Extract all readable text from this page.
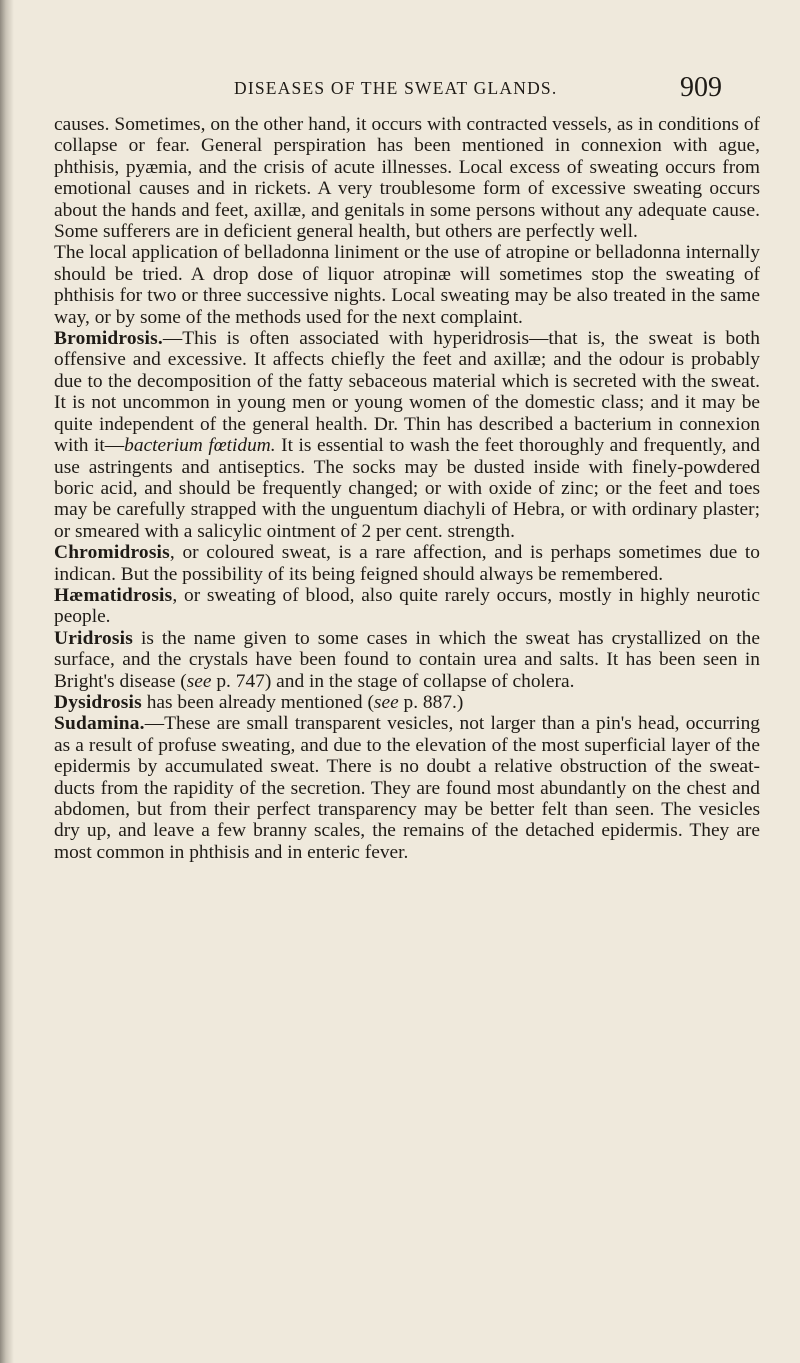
DISEASES OF THE SWEAT GLANDS.	909

causes. Sometimes, on the other hand, it occurs with contracted vessels, as in conditions of collapse or fear. General perspiration has been mentioned in connexion with ague, phthisis, pyæmia, and the crisis of acute illnesses. Local excess of sweating occurs from emotional causes and in rickets. A very troublesome form of excessive sweating occurs about the hands and feet, axillæ, and genitals in some persons without any adequate cause. Some sufferers are in deficient general health, but others are perfectly well.

The local application of belladonna liniment or the use of atropine or belladonna internally should be tried. A drop dose of liquor atropinæ will sometimes stop the sweating of phthisis for two or three successive nights. Local sweating may be also treated in the same way, or by some of the methods used for the next complaint.

Bromidrosis.—This is often associated with hyperidrosis—that is, the sweat is both offensive and excessive. It affects chiefly the feet and axillæ; and the odour is probably due to the decomposition of the fatty sebaceous material which is secreted with the sweat. It is not uncommon in young men or young women of the domestic class; and it may be quite independent of the general health. Dr. Thin has described a bacterium in connexion with it—bacterium fœtidum. It is essential to wash the feet thoroughly and frequently, and use astringents and antiseptics. The socks may be dusted inside with finely-powdered boric acid, and should be frequently changed; or with oxide of zinc; or the feet and toes may be carefully strapped with the unguentum diachyli of Hebra, or with ordinary plaster; or smeared with a salicylic ointment of 2 per cent. strength.

Chromidrosis, or coloured sweat, is a rare affection, and is perhaps sometimes due to indican. But the possibility of its being feigned should always be remembered.

Hæmatidrosis, or sweating of blood, also quite rarely occurs, mostly in highly neurotic people.

Uridrosis is the name given to some cases in which the sweat has crystallized on the surface, and the crystals have been found to contain urea and salts. It has been seen in Bright's disease (see p. 747) and in the stage of collapse of cholera.

Dysidrosis has been already mentioned (see p. 887.)

Sudamina.—These are small transparent vesicles, not larger than a pin's head, occurring as a result of profuse sweating, and due to the elevation of the most superficial layer of the epidermis by accumulated sweat. There is no doubt a relative obstruction of the sweat-ducts from the rapidity of the secretion. They are found most abundantly on the chest and abdomen, but from their perfect transparency may be better felt than seen. The vesicles dry up, and leave a few branny scales, the remains of the detached epidermis. They are most common in phthisis and in enteric fever.
